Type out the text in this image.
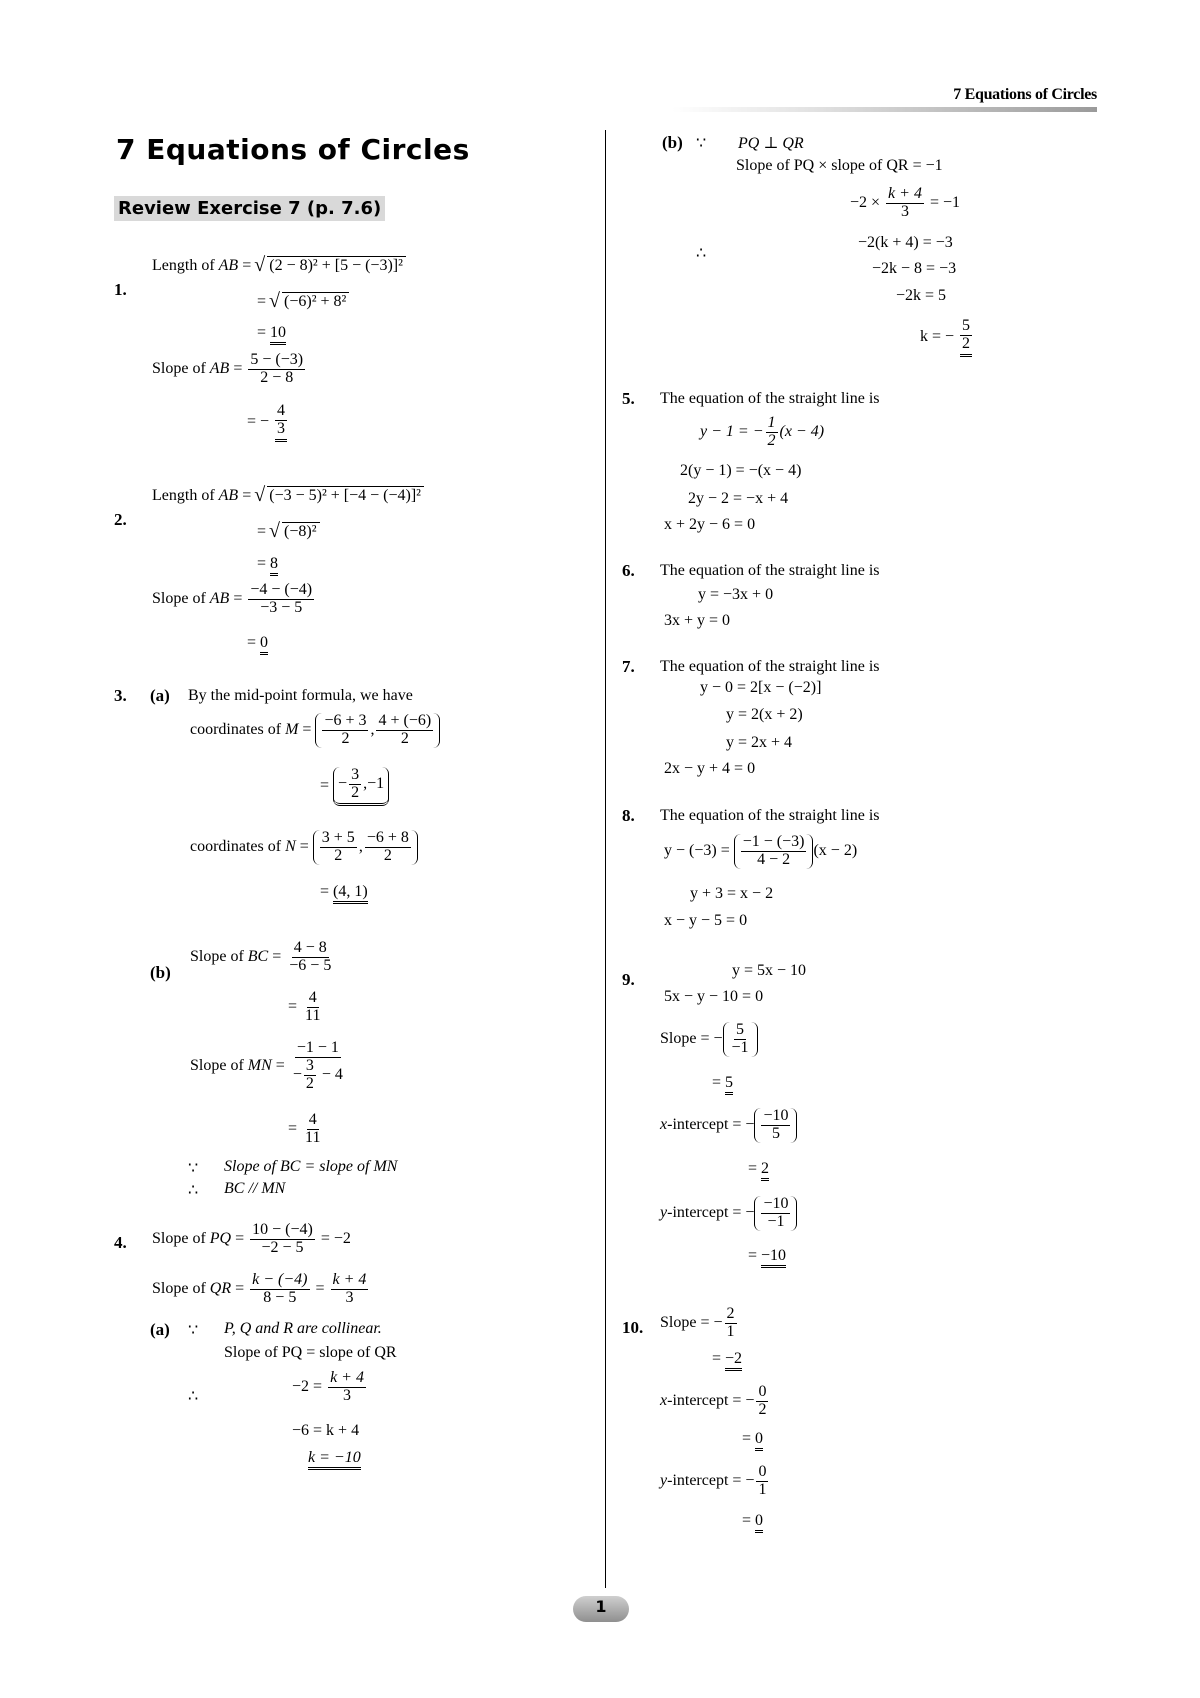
7 Equations of Circles
7 Equations of Circles
Review Exercise 7 (p. 7.6)
1.
Length of AB = √ (2 − 8)² + [5 − (−3)]²
= √ (−6)² + 8²
= 10
Slope of AB = $\frac{5 - (-3)}{2 - 8}$
= − $\frac{4}{3}$
2.
Length of AB = √ (−3 − 5)² + [−4 − (−4)]²
= √ (−8)²
= 8
Slope of AB = $\frac{-4 - (-4)}{-3 - 5}$
= 0
3. (a) By the mid-point formula, we have
coordinates of $M = \frac{-6 + 3}{2}$ , $\frac{4 + (-6)}{2}$
= − $\frac{3}{2}$ , −1
coordinates of $N = \frac{3 + 5}{2}$ , $\frac{-6 + 8}{2}$
= (4, 1)
(b)
Slope of BC = $\frac{4 - 8}{-6 - 5}$
= $\frac{4}{11}$
Slope of MN = $\frac{-1 - 1}{- \frac{3}{2} - 4}$
= $\frac{4}{11}$
∵ Slope of BC = slope of MN
∴ BC // MN
4. Slope of PQ = $\frac{10 - (-4)}{-2 - 5} = -2$
Slope of QR = $\frac{k - (-4)}{8 - 5} = \frac{k + 4}{3}$
(a) ∵ P, Q and R are collinear.
Slope of PQ = slope of QR
∴
$-2 = \frac{k + 4}{3}$
−6 = k + 4
k = −10
(b) ∵ PQ ⊥ QR
Slope of PQ × slope of QR = −1
$-2 \times \frac{k + 4}{3} = -1$
∴
−2(k + 4) = −3
−2k − 8 = −3
−2k = 5
k = − $\frac{5}{2}$
5. The equation of the straight line is
y − 1 = − $\frac{1}{2} (x - 4)$
2(y − 1) = −(x − 4)
2y − 2 = −x + 4
x + 2y − 6 = 0
6. The equation of the straight line is
y = −3x + 0
3x + y = 0
7. The equation of the straight line is
y − 0 = 2[x − (−2)]
y = 2(x + 2)
y = 2x + 4
2x − y + 4 = 0
8. The equation of the straight line is
$y - (-3) = \frac{-1 - (-3)}{4 - 2} (x - 2)$
y + 3 = x − 2
x − y − 5 = 0
9.	y = 5x − 10
5x − y − 10 = 0
Slope = − $\frac{5}{-1}$
= 5
x-intercept = − $\frac{-10}{5}$
= 2
y-intercept = − $\frac{-10}{-1}$
= −10
10. Slope = − $\frac{2}{1}$
= −2
x-intercept = − $\frac{0}{2}$
= 0
y-intercept = − $\frac{0}{1}$
= 0
1
